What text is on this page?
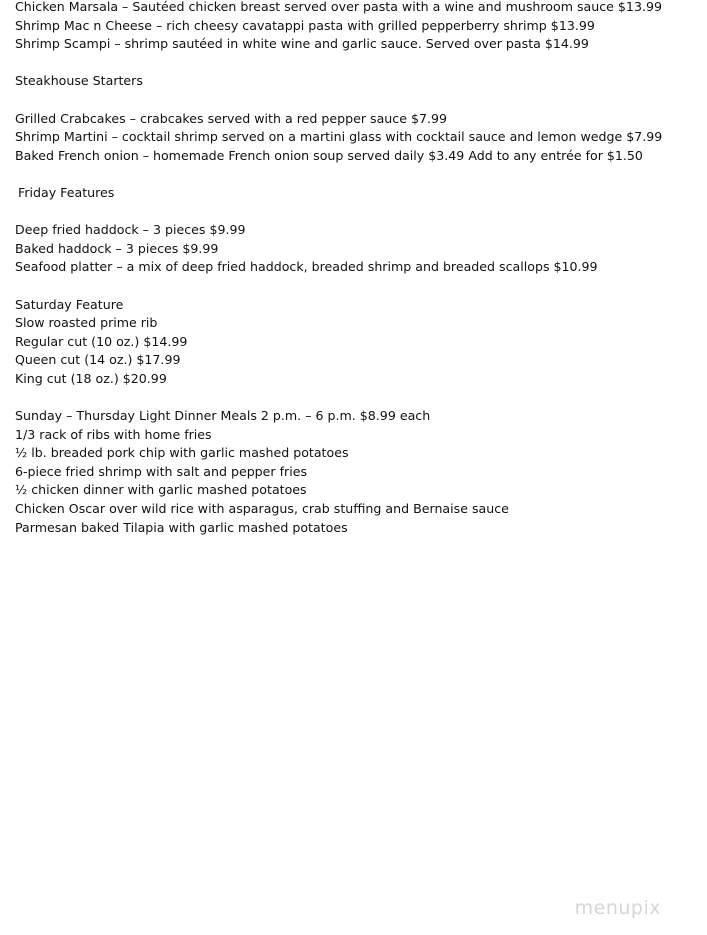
Chicken Marsala – Sautéed chicken breast served over pasta with a wine and mushroom sauce $13.99
Shrimp Mac n Cheese – rich cheesy cavatappi pasta with grilled pepperberry shrimp $13.99
Shrimp Scampi – shrimp sautéed in white wine and garlic sauce. Served over pasta $14.99
Steakhouse Starters
Grilled Crabcakes – crabcakes served with a red pepper sauce $7.99
Shrimp Martini – cocktail shrimp served on a martini glass with cocktail sauce and lemon wedge $7.99
Baked French onion – homemade French onion soup served daily $3.49 Add to any entrée for $1.50
Friday Features
Deep fried haddock – 3 pieces $9.99
Baked haddock – 3 pieces $9.99
Seafood platter – a mix of deep fried haddock, breaded shrimp and breaded scallops $10.99
Saturday Feature
Slow roasted prime rib
Regular cut (10 oz.) $14.99
Queen cut (14 oz.) $17.99
King cut (18 oz.) $20.99
Sunday – Thursday Light Dinner Meals 2 p.m. – 6 p.m. $8.99 each
1/3 rack of ribs with home fries
½ lb. breaded pork chip with garlic mashed potatoes
6-piece fried shrimp with salt and pepper fries
½ chicken dinner with garlic mashed potatoes
Chicken Oscar over wild rice with asparagus, crab stuffing and Bernaise sauce
Parmesan baked Tilapia with garlic mashed potatoes
menupix
